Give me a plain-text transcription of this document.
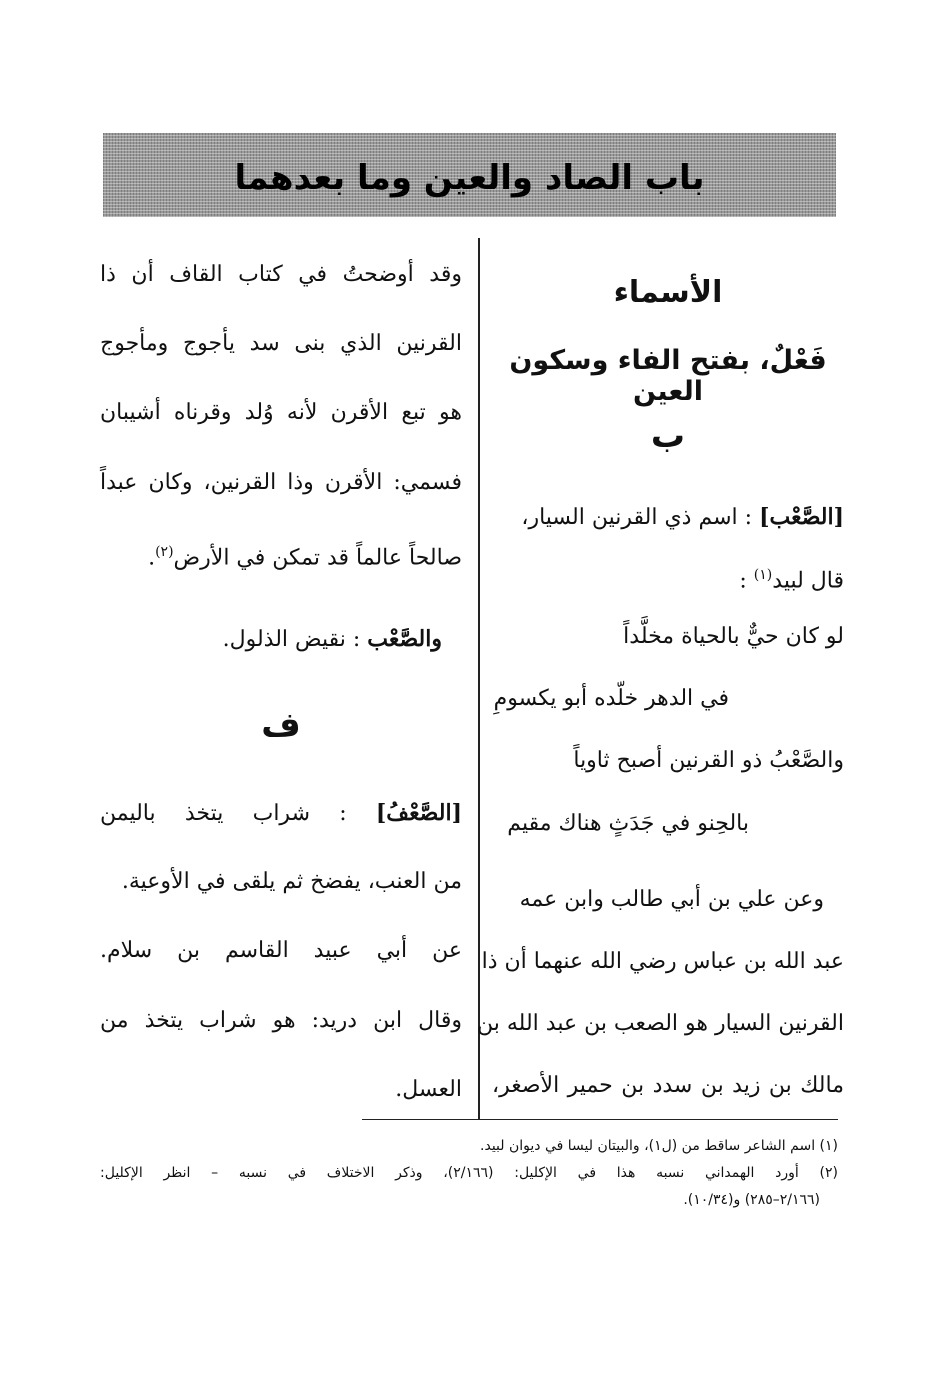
باب الصاد والعين وما بعدهما
الأسماء
فَعْلٌ، بفتح الفاء وسكون العين
ب
[الصَّعْب] : اسم ذي القرنين السيار،
قال لبيد$^{(١)}$ :
لو كان حيٌّ بالحياة مخلَّداً
في الدهر خلّده أبو يكسومِ
والصَّعْبُ ذو القرنين أصبح ثاوياً
بالحِنو في جَدَثٍ هناك مقيم
وعن علي بن أبي طالب وابن عمه
عبد الله بن عباس رضي الله عنهما أن ذا
القرنين السيار هو الصعب بن عبد الله بن
مالك بن زيد بن سدد بن حمير الأصغر،
وقد أوضحتُ في كتاب القاف أن ذا
القرنين الذي بنى سد يأجوج ومأجوج
هو تبع الأقرن لأنه وُلد وقرناه أشيبان
فسمي: الأقرن وذا القرنين، وكان عبداً
صالحاً عالماً قد تمكن في الأرض$^{(٢)}$.
والصَّعْب : نقيض الذلول.
ف
[الصَّعْفُ] : شراب يتخذ باليمن
من العنب، يفضخ ثم يلقى في الأوعية.
عن أبي عبيد القاسم بن سلام.
وقال ابن دريد: هو شراب يتخذ من
العسل.
(١) اسم الشاعر ساقط من (ل١)، والبيتان ليسا في ديوان لبيد.
(٢) أورد الهمداني نسبه هذا في الإكليل: (٢/١٦٦)، وذكر الاختلاف في نسبه – انظر الإكليل:
(٢/١٦٦–٢٨٥) و(١٠/٣٤).
